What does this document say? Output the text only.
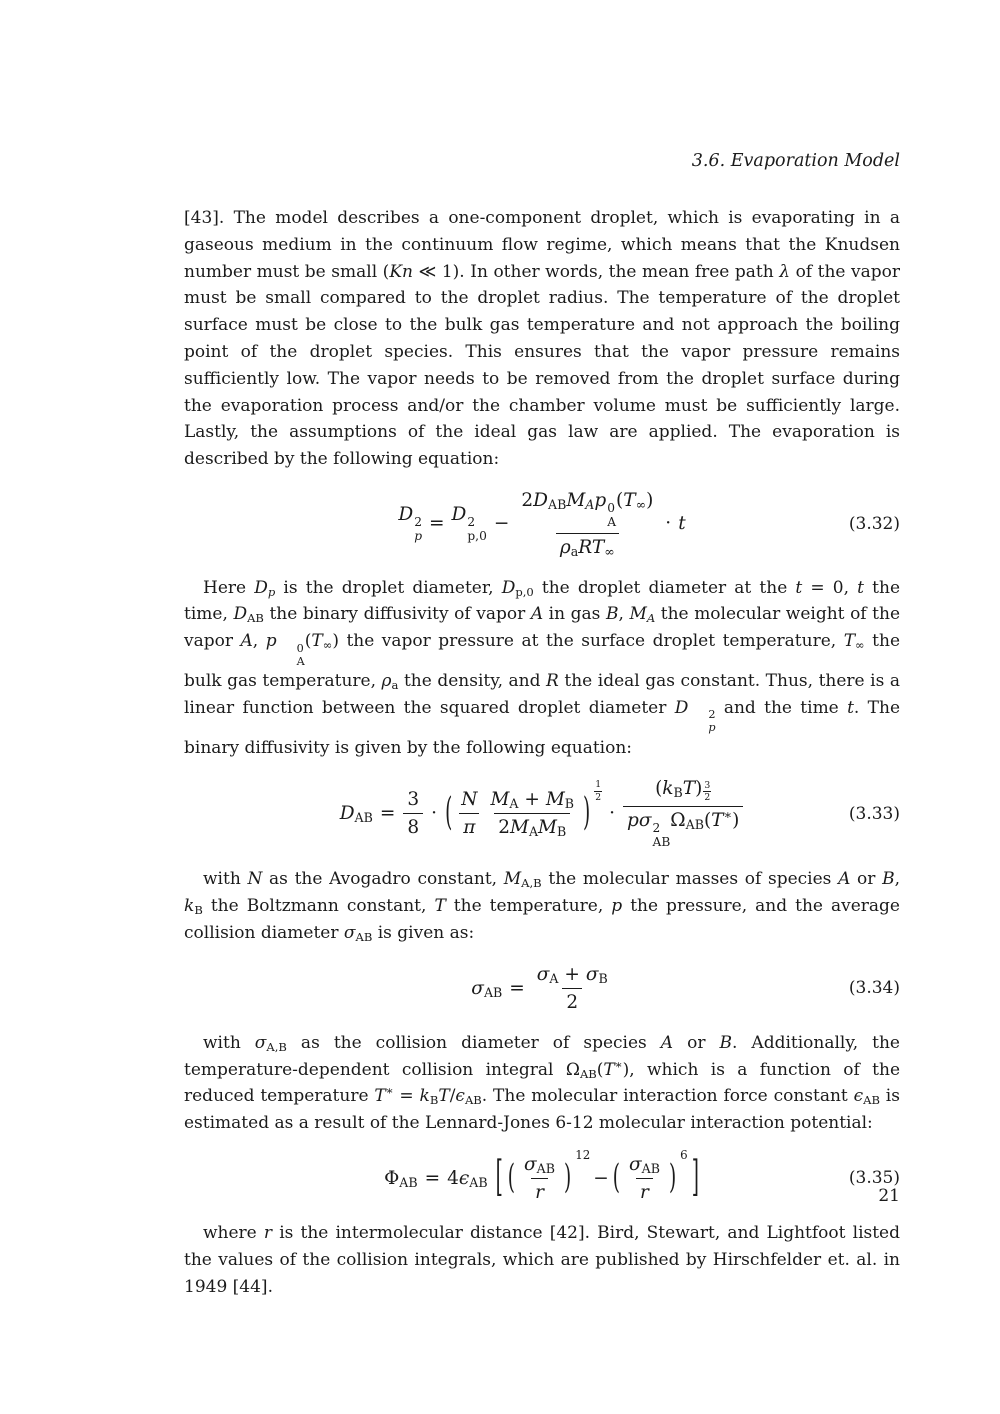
3.6. Evaporation Model

[43]. The model describes a one-component droplet, which is evaporating in a gaseous medium in the continuum flow regime, which means that the Knudsen number must be small (Kn ≪ 1). In other words, the mean free path λ of the vapor must be small compared to the droplet radius. The temperature of the droplet surface must be close to the bulk gas temperature and not approach the boiling point of the droplet species. This ensures that the vapor pressure remains sufficiently low. The vapor needs to be removed from the droplet surface during the evaporation process and/or the chamber volume must be sufficiently large. Lastly, the assumptions of the ideal gas law are applied. The evaporation is described by the following equation:

D 2
p
= D 2
p,0
− $2D_{AB}M_Ap$ 0
A
$(T_\infty)$
$\rho_aRT_\infty \cdot t$	(3.32)

Here $D_p$ is the droplet diameter, $D_{p,0}$ the droplet diameter at the t = 0, t the time, $D_{AB}$ the binary diffusivity of vapor A in gas B, $M_A$ the molecular weight of the vapor A, p	0
A
$(T_\infty)$ the vapor pressure at the surface droplet temperature, $T_\infty$ the bulk gas temperature, $\rho_a$ the density, and R the ideal gas constant. Thus, there is a linear function between the squared droplet diameter D	2
p
and the time t. The binary diffusivity is given by the following equation:

$D_{AB} = \frac{3}{8}$ · ( $\frac{N}{\pi} \frac{M_A + M_B}{2M_AM_B}$ )
1
2
· $(k_BT) \frac{3}{2}$
pσ 2
AB
$\Omega_{AB}(T^∗)$	(3.33)

with N as the Avogadro constant, $M_{A,B}$ the molecular masses of species A or B, $k_B$ the Boltzmann constant, T the temperature, p the pressure, and the average collision diameter $\sigma_{AB}$ is given as:

$\sigma_{AB} = \frac{\sigma_A + \sigma_B}{2}$	(3.34)

with $\sigma_{A,B}$ as the collision diameter of species A or B. Additionally, the temperature-dependent collision integral $\Omega_{AB}(T^∗)$, which is a function of the reduced temperature $T^∗ = k_BT/\epsilon_{AB}$. The molecular interaction force constant $\epsilon_{AB}$ is estimated as a result of the Lennard-Jones 6-12 molecular interaction potential:

$\Phi_{AB} = 4\epsilon_{AB}$ [ ( $\frac{\sigma_{AB}}{r}$ )
12
− ( $\frac{\sigma_{AB}}{r}$ )
6 ]	(3.35)

where r is the intermolecular distance [42]. Bird, Stewart, and Lightfoot listed the values of the collision integrals, which are published by Hirschfelder et. al. in 1949 [44].

21
